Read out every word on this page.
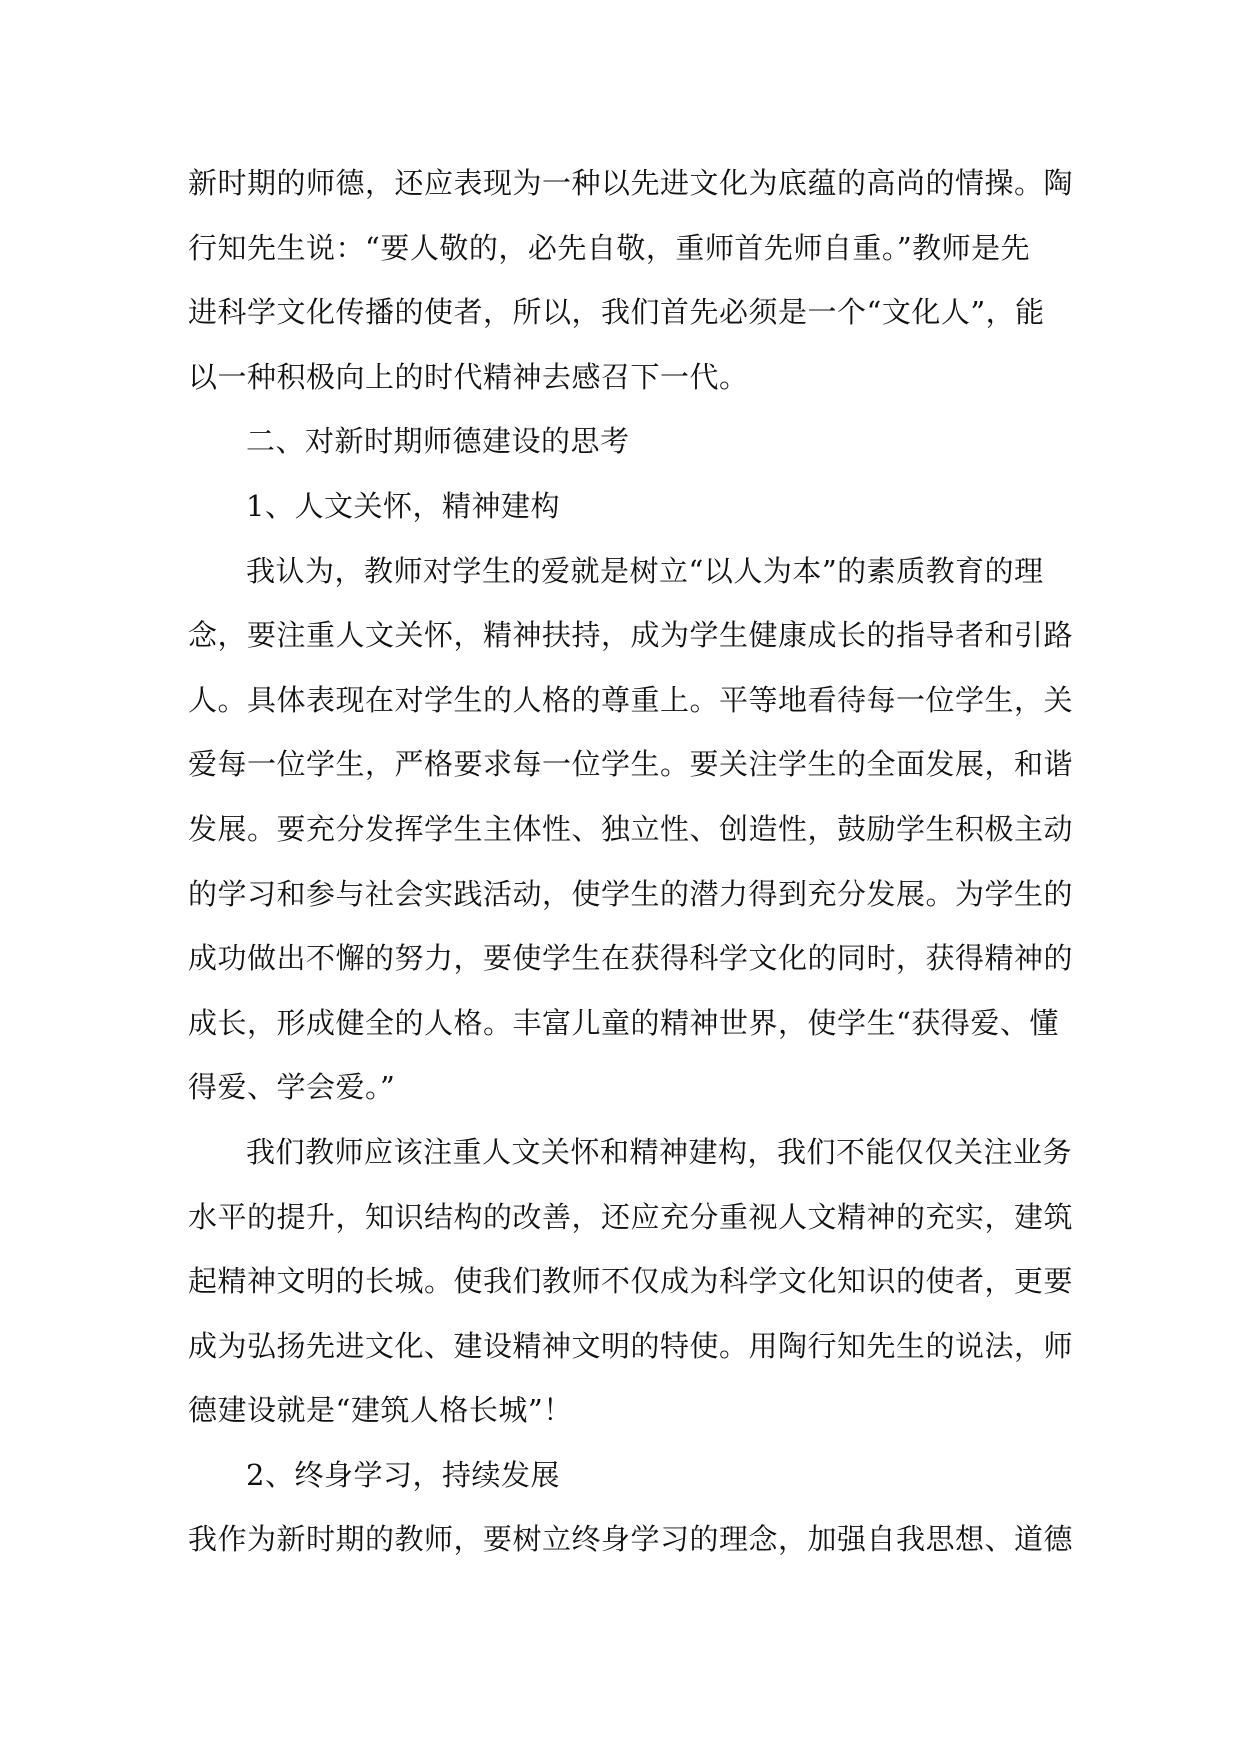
新时期的师德，还应表现为一种以先进文化为底蕴的高尚的情操。陶
行知先生说：“要人敬的，必先自敬，重师首先师自重。”教师是先
进科学文化传播的使者，所以，我们首先必须是一个“文化人”，能
以一种积极向上的时代精神去感召下一代。
二、对新时期师德建设的思考
1、人文关怀，精神建构
我认为，教师对学生的爱就是树立“以人为本”的素质教育的理
念，要注重人文关怀，精神扶持，成为学生健康成长的指导者和引路
人。具体表现在对学生的人格的尊重上。平等地看待每一位学生，关
爱每一位学生，严格要求每一位学生。要关注学生的全面发展，和谐
发展。要充分发挥学生主体性、独立性、创造性，鼓励学生积极主动
的学习和参与社会实践活动，使学生的潜力得到充分发展。为学生的
成功做出不懈的努力，要使学生在获得科学文化的同时，获得精神的
成长，形成健全的人格。丰富儿童的精神世界，使学生“获得爱、懂
得爱、学会爱。”
我们教师应该注重人文关怀和精神建构，我们不能仅仅关注业务
水平的提升，知识结构的改善，还应充分重视人文精神的充实，建筑
起精神文明的长城。使我们教师不仅成为科学文化知识的使者，更要
成为弘扬先进文化、建设精神文明的特使。用陶行知先生的说法，师
德建设就是“建筑人格长城”！
2、终身学习，持续发展
我作为新时期的教师，要树立终身学习的理念，加强自我思想、道德
